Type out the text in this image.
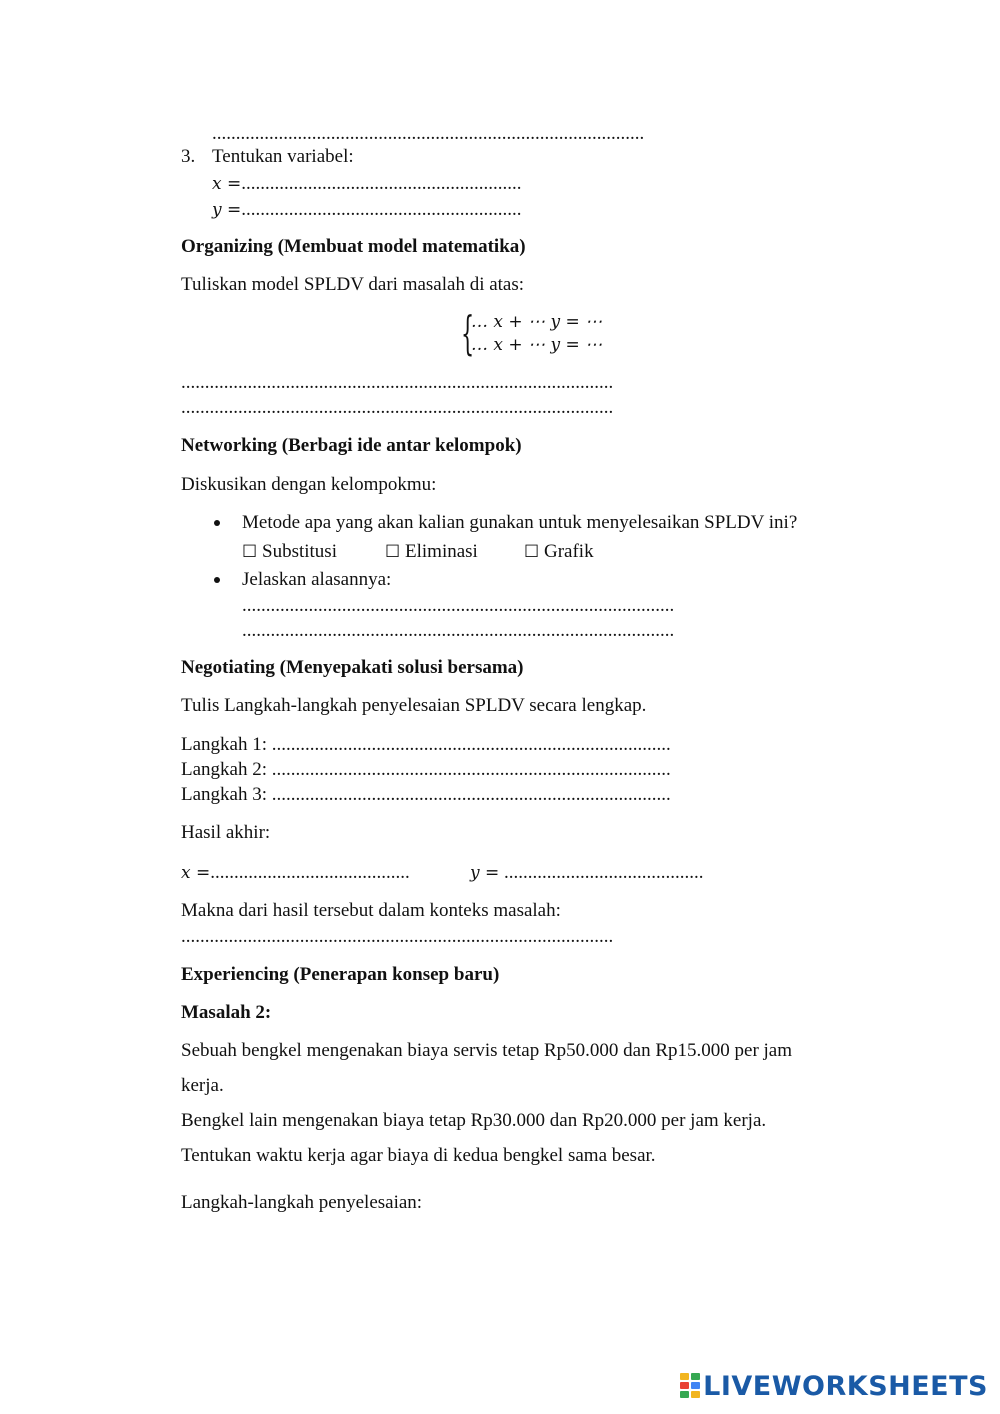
...........................................................................................
3. Tentukan variabel:
x =...........................................................
y =...........................................................
Organizing (Membuat model matematika)
Tuliskan model SPLDV dari masalah di atas:
{
… x + ⋯ y = ⋯
… x + ⋯ y = ⋯
...........................................................................................
...........................................................................................
Networking (Berbagi ide antar kelompok)
Diskusikan dengan kelompokmu:
Metode apa yang akan kalian gunakan untuk menyelesaikan SPLDV ini?
☐ Substitusi	☐ Eliminasi	☐ Grafik
Jelaskan alasannya:
...........................................................................................
...........................................................................................
Negotiating (Menyepakati solusi bersama)
Tulis Langkah-langkah penyelesaian SPLDV secara lengkap.
Langkah 1: ....................................................................................
Langkah 2: ....................................................................................
Langkah 3: ....................................................................................
Hasil akhir:
x =..........................................	y = ..........................................
Makna dari hasil tersebut dalam konteks masalah:
...........................................................................................
Experiencing (Penerapan konsep baru)
Masalah 2:
Sebuah bengkel mengenakan biaya servis tetap Rp50.000 dan Rp15.000 per jam
kerja.
Bengkel lain mengenakan biaya tetap Rp30.000 dan Rp20.000 per jam kerja.
Tentukan waktu kerja agar biaya di kedua bengkel sama besar.
Langkah-langkah penyelesaian:
LIVEWORKSHEETS
